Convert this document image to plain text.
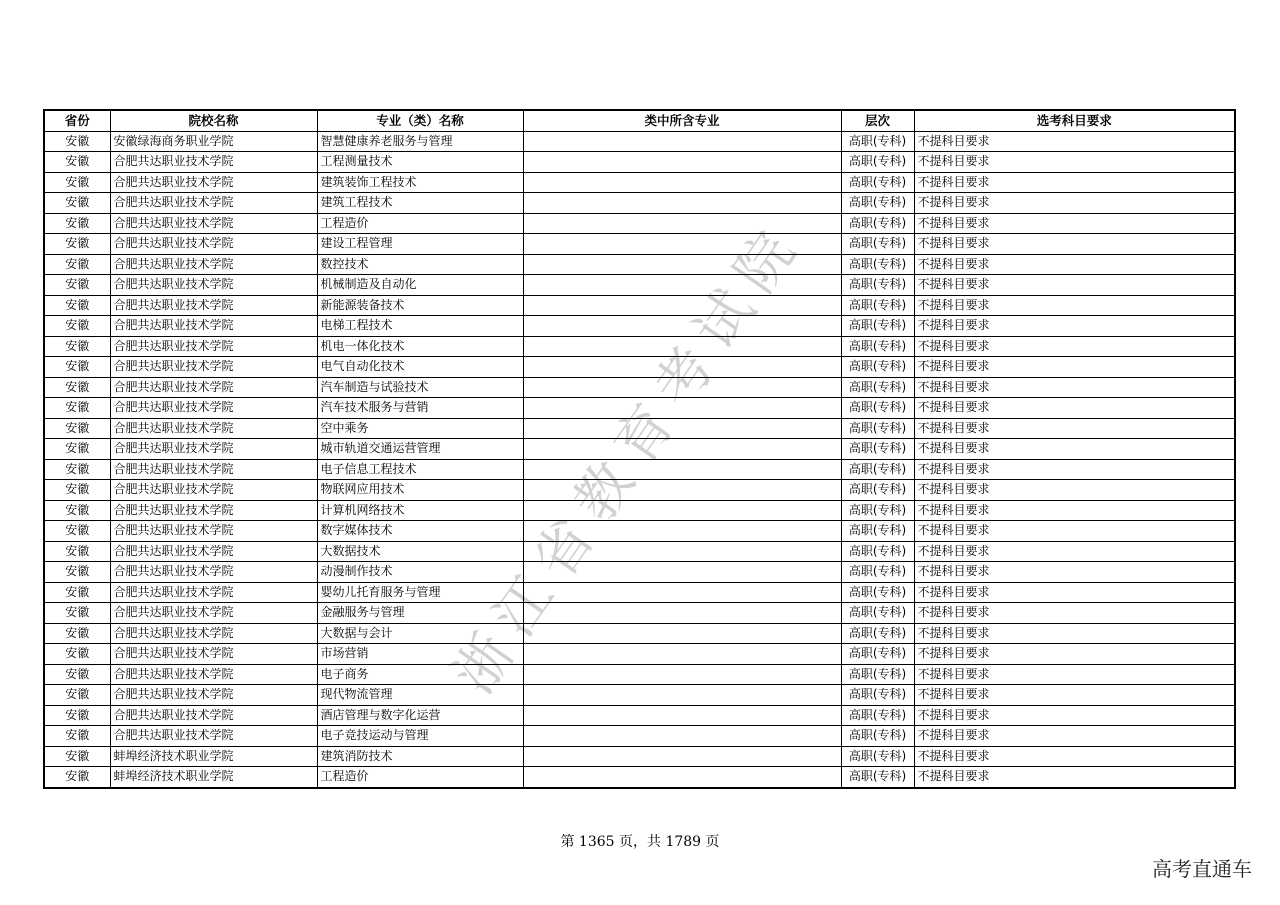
省份	院校名称	专业（类）名称	类中所含专业	层次	选考科目要求
安徽	安徽绿海商务职业学院	智慧健康养老服务与管理		高职(专科)	不提科目要求
安徽	合肥共达职业技术学院	工程测量技术		高职(专科)	不提科目要求
安徽	合肥共达职业技术学院	建筑装饰工程技术		高职(专科)	不提科目要求
安徽	合肥共达职业技术学院	建筑工程技术		高职(专科)	不提科目要求
安徽	合肥共达职业技术学院	工程造价		高职(专科)	不提科目要求
安徽	合肥共达职业技术学院	建设工程管理		高职(专科)	不提科目要求
安徽	合肥共达职业技术学院	数控技术		高职(专科)	不提科目要求
安徽	合肥共达职业技术学院	机械制造及自动化		高职(专科)	不提科目要求
安徽	合肥共达职业技术学院	新能源装备技术		高职(专科)	不提科目要求
安徽	合肥共达职业技术学院	电梯工程技术		高职(专科)	不提科目要求
安徽	合肥共达职业技术学院	机电一体化技术		高职(专科)	不提科目要求
安徽	合肥共达职业技术学院	电气自动化技术		高职(专科)	不提科目要求
安徽	合肥共达职业技术学院	汽车制造与试验技术		高职(专科)	不提科目要求
安徽	合肥共达职业技术学院	汽车技术服务与营销		高职(专科)	不提科目要求
安徽	合肥共达职业技术学院	空中乘务		高职(专科)	不提科目要求
安徽	合肥共达职业技术学院	城市轨道交通运营管理		高职(专科)	不提科目要求
安徽	合肥共达职业技术学院	电子信息工程技术		高职(专科)	不提科目要求
安徽	合肥共达职业技术学院	物联网应用技术		高职(专科)	不提科目要求
安徽	合肥共达职业技术学院	计算机网络技术		高职(专科)	不提科目要求
安徽	合肥共达职业技术学院	数字媒体技术		高职(专科)	不提科目要求
安徽	合肥共达职业技术学院	大数据技术		高职(专科)	不提科目要求
安徽	合肥共达职业技术学院	动漫制作技术		高职(专科)	不提科目要求
安徽	合肥共达职业技术学院	婴幼儿托育服务与管理		高职(专科)	不提科目要求
安徽	合肥共达职业技术学院	金融服务与管理		高职(专科)	不提科目要求
安徽	合肥共达职业技术学院	大数据与会计		高职(专科)	不提科目要求
安徽	合肥共达职业技术学院	市场营销		高职(专科)	不提科目要求
安徽	合肥共达职业技术学院	电子商务		高职(专科)	不提科目要求
安徽	合肥共达职业技术学院	现代物流管理		高职(专科)	不提科目要求
安徽	合肥共达职业技术学院	酒店管理与数字化运营		高职(专科)	不提科目要求
安徽	合肥共达职业技术学院	电子竞技运动与管理		高职(专科)	不提科目要求
安徽	蚌埠经济技术职业学院	建筑消防技术		高职(专科)	不提科目要求
安徽	蚌埠经济技术职业学院	工程造价		高职(专科)	不提科目要求
浙江省教育考试院
第 1365 页，共 1789 页
高考直通车
